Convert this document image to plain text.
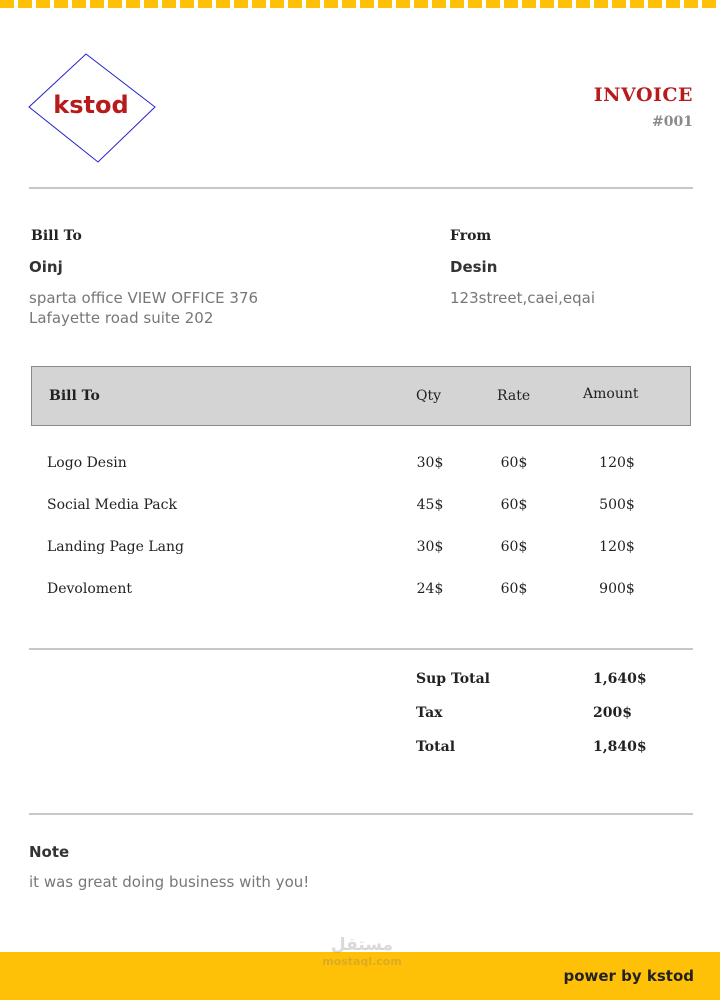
kstod	INVOICE
#001
Bill To
Oinj
sparta office VIEW OFFICE 376
Lafayette road suite 202
From
Desin
123street,caei,eqai
Bill To	Qty	Rate	Amount
Logo Desin	30$	60$	120$
Social Media Pack	45$	60$	500$
Landing Page Lang	30$	60$	120$
Devoloment	24$	60$	900$
Sup Total	1,640$
Tax	200$
Total	1,840$
Note
it was great doing business with you!
power by kstod
مستقل
mostaql.com
